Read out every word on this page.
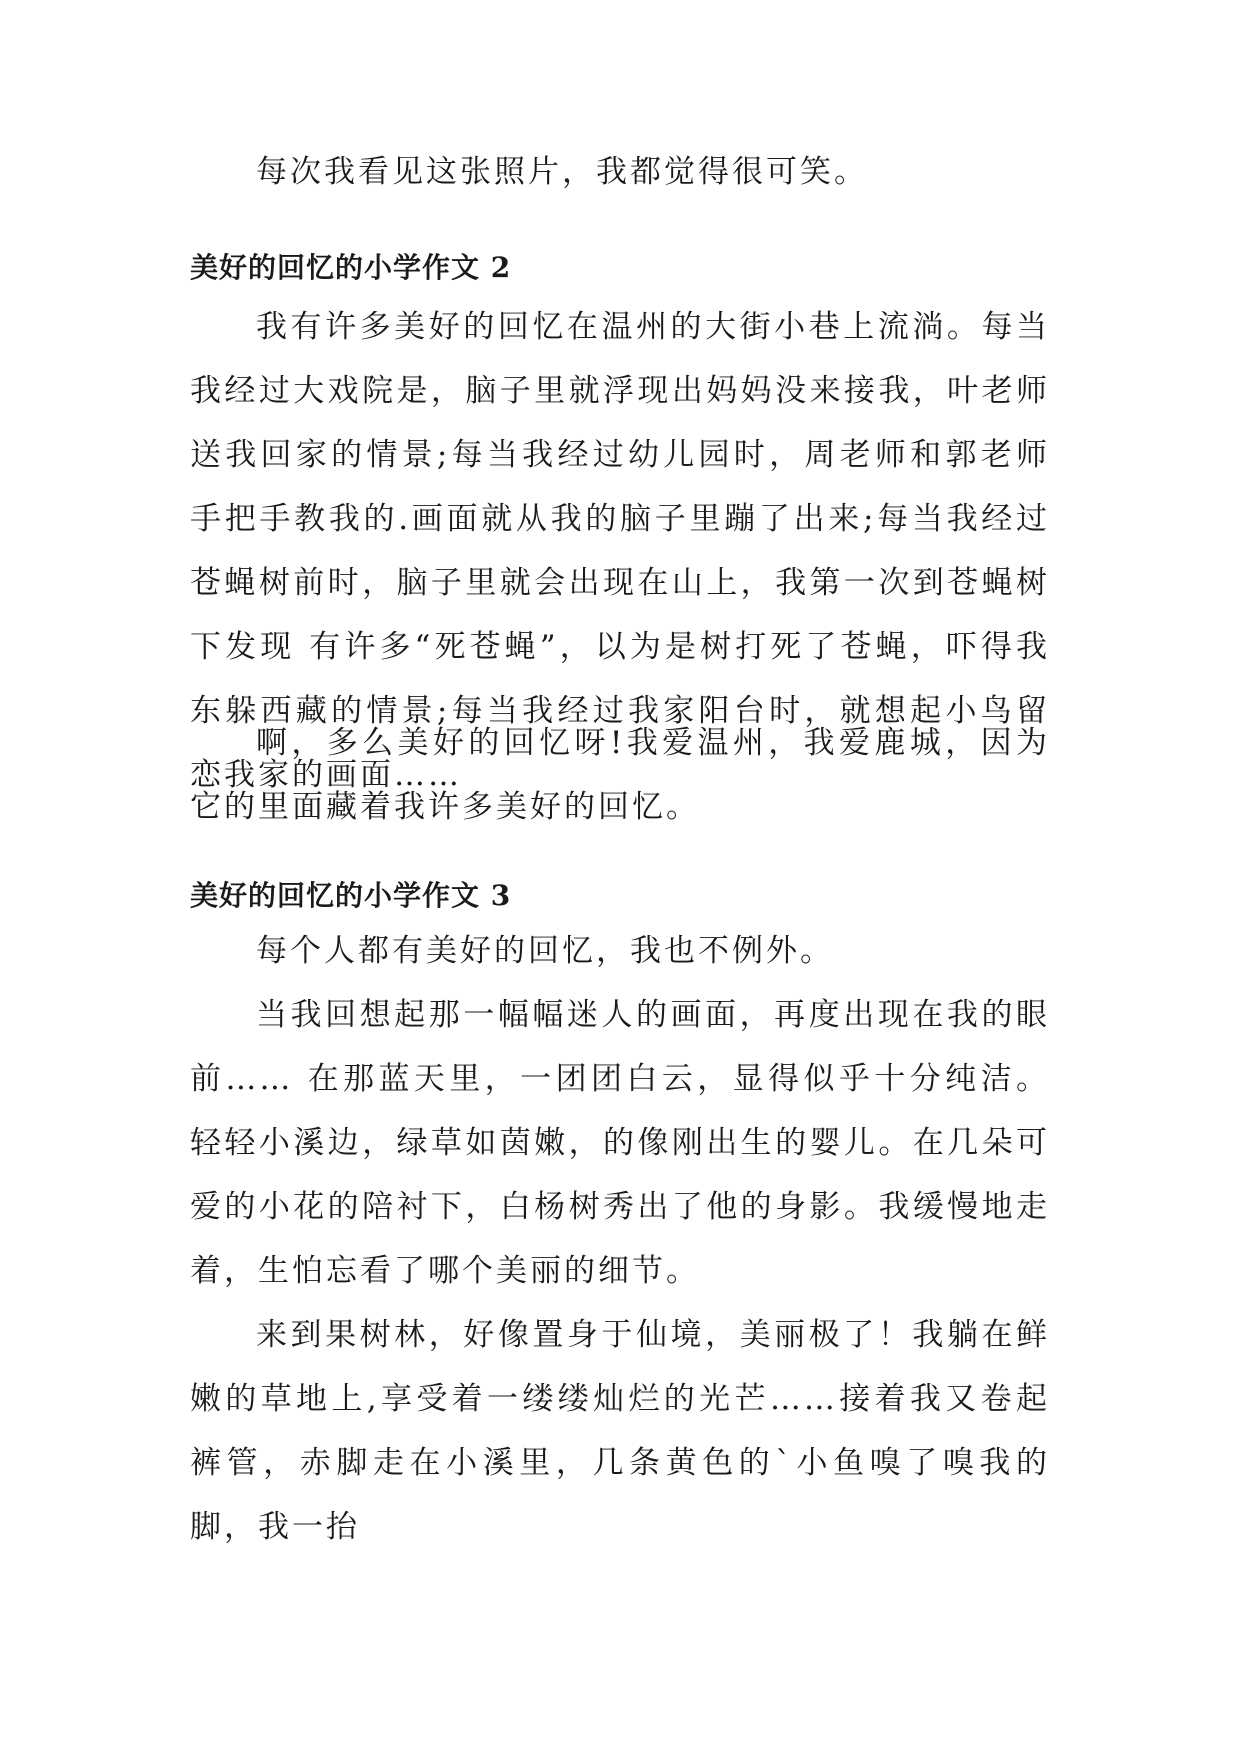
每次我看见这张照片，我都觉得很可笑。

美好的回忆的小学作文 2

我有许多美好的回忆在温州的大街小巷上流淌。每当我经过大戏院是，脑子里就浮现出妈妈没来接我，叶老师送我回家的情景;每当我经过幼儿园时，周老师和郭老师手把手教我的.画面就从我的脑子里蹦了出来;每当我经过苍蝇树前时，脑子里就会出现在山上，我第一次到苍蝇树下发现 有许多“死苍蝇”，以为是树打死了苍蝇，吓得我东躲西藏的情景;每当我经过我家阳台时，就想起小鸟留恋我家的画面……

啊，多么美好的回忆呀!我爱温州，我爱鹿城，因为它的里面藏着我许多美好的回忆。

美好的回忆的小学作文 3

每个人都有美好的回忆，我也不例外。

当我回想起那一幅幅迷人的画面，再度出现在我的眼前…… 在那蓝天里，一团团白云，显得似乎十分纯洁。轻轻小溪边，绿草如茵嫩，的像刚出生的婴儿。在几朵可爱的小花的陪衬下，白杨树秀出了他的身影。我缓慢地走着，生怕忘看了哪个美丽的细节。

来到果树林，好像置身于仙境，美丽极了！我躺在鲜嫩的草地上,享受着一缕缕灿烂的光芒……接着我又卷起裤管，赤脚走在小溪里，几条黄色的`小鱼嗅了嗅我的脚，我一抬
